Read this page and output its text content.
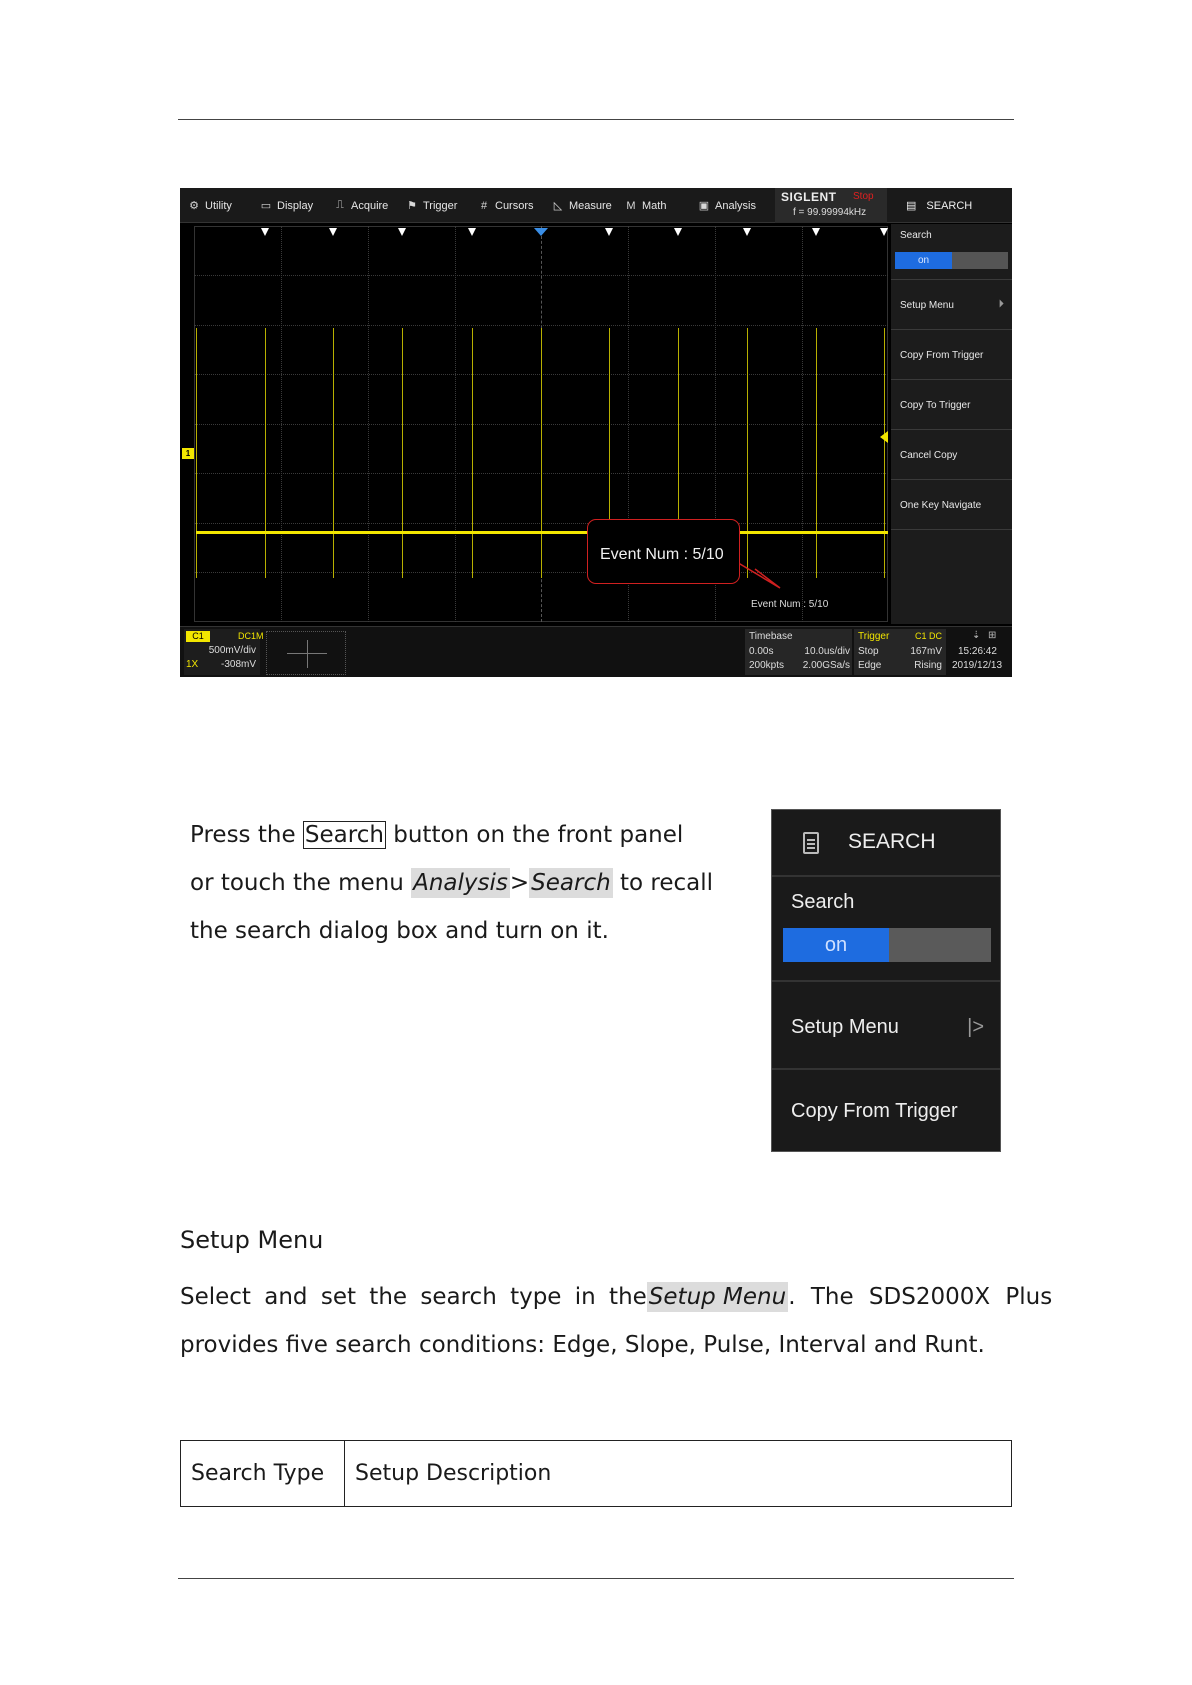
⚙ Utility	▭ Display ⎍ Acquire ⚑ Trigger # Cursors ◺ Measure M Math	▣ Analysis
SIGLENT Stop
f = 99.99994kHz
▤ SEARCH
1
Event Num : 5/10
Event Num : 5/10
Search
on
Setup Menu	⏵
Copy From Trigger
Copy To Trigger
Cancel Copy
One Key Navigate
C1	DC1M
500mV/div
1X -308mV
Timebase
0.00s	10.0us/div
200kpts 2.00GSa/s
Trigger	C1 DC
Stop	167mV
Edge	Rising
⇣ ⊞
15:26:42
2019/12/13
Press the Search button on the front panel
or touch the menu Analysis>Search to recall
the search dialog box and turn on it.
SEARCH
Search
on
Setup Menu	|>
Copy From Trigger
Setup Menu
Select and set the search type in the Setup Menu. The SDS2000X Plus
provides five search conditions: Edge, Slope, Pulse, Interval and Runt.
Search Type	Setup Description
